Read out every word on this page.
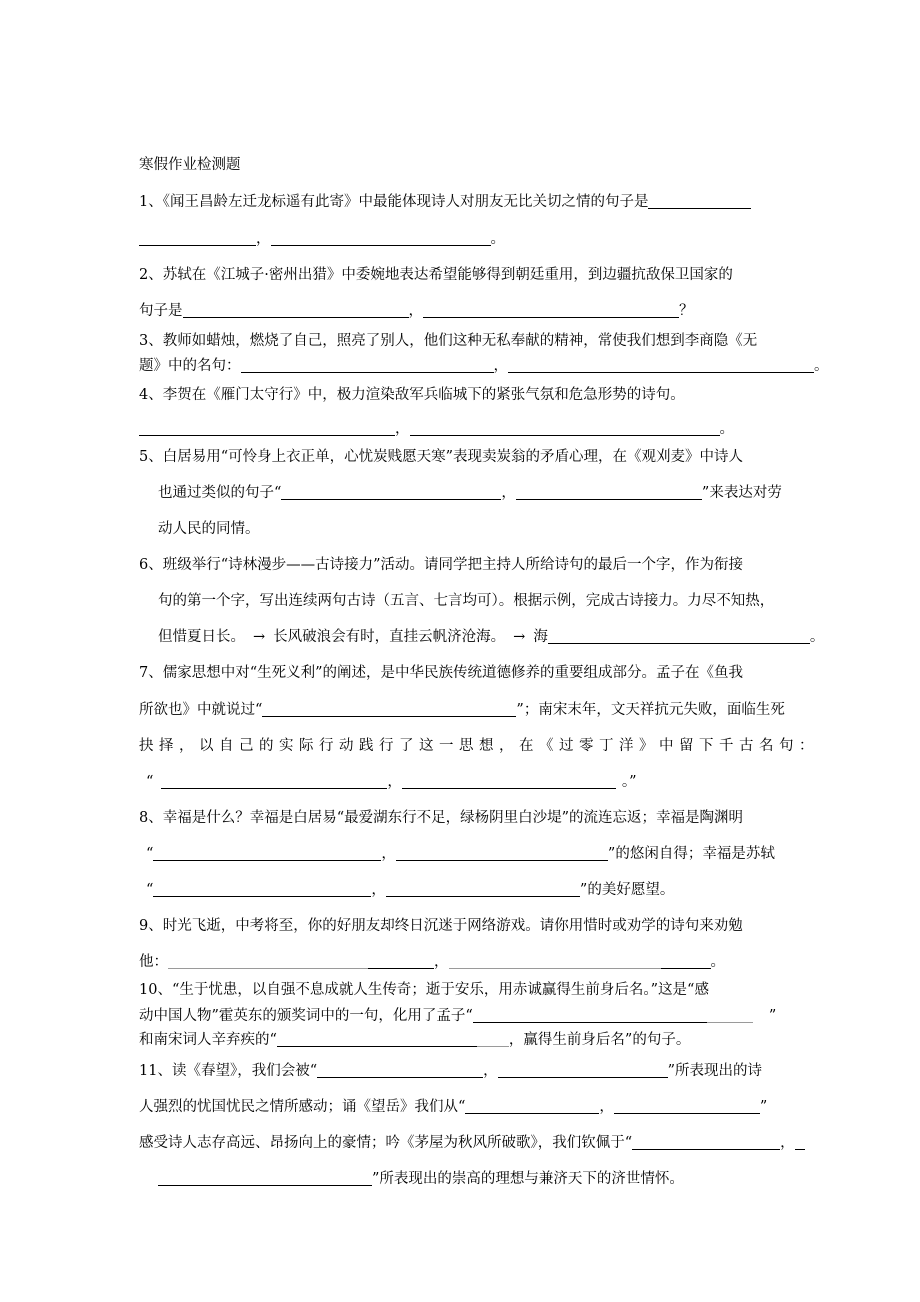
寒假作业检测题
1、《闻王昌龄左迁龙标遥有此寄》中最能体现诗人对朋友无比关切之情的句子是
，	。
2、苏轼在《江城子·密州出猎》中委婉地表达希望能够得到朝廷重用，到边疆抗敌保卫国家的
句子是	，	？
3、教师如蜡烛，燃烧了自己，照亮了别人，他们这种无私奉献的精神，常使我们想到李商隐《无
题》中的名句：	，	。
4、李贺在《雁门太守行》中，极力渲染敌军兵临城下的紧张气氛和危急形势的诗句。
，	。
5、白居易用“可怜身上衣正单，心忧炭贱愿天寒”表现卖炭翁的矛盾心理，在《观刈麦》中诗人
也通过类似的句子“	，	”来表达对劳
动人民的同情。
6、班级举行“诗林漫步——古诗接力”活动。请同学把主持人所给诗句的最后一个字，作为衔接
句的第一个字，写出连续两句古诗（五言、七言均可）。根据示例，完成古诗接力。力尽不知热，
但惜夏日长。 → 长风破浪会有时，直挂云帆济沧海。 → 海	。
7、儒家思想中对“生死义利”的阐述，是中华民族传统道德修养的重要组成部分。孟子在《鱼我
所欲也》中就说过“	”；南宋末年，文天祥抗元失败，面临生死
抉择，以自己的实际行动践行了这一思想，在《过零丁洋》中留下千古名句：
“	，	。”
8、幸福是什么？幸福是白居易“最爱湖东行不足，绿杨阴里白沙堤”的流连忘返；幸福是陶渊明
“	，	”的悠闲自得；幸福是苏轼
“	，	”的美好愿望。
9、时光飞逝，中考将至，你的好朋友却终日沉迷于网络游戏。请你用惜时或劝学的诗句来劝勉
他：	，	。
10、“生于忧患，以自强不息成就人生传奇；逝于安乐，用赤诚赢得生前身后名。”这是“感
动中国人物”霍英东的颁奖词中的一句，化用了孟子“	”
和南宋词人辛弃疾的“	，赢得生前身后名”的句子。
11、读《春望》，我们会被“	，	”所表现出的诗
人强烈的忧国忧民之情所感动；诵《望岳》我们从“	，	”
感受诗人志存高远、昂扬向上的豪情；吟《茅屋为秋风所破歌》，我们钦佩于“	，
”所表现出的崇高的理想与兼济天下的济世情怀。
